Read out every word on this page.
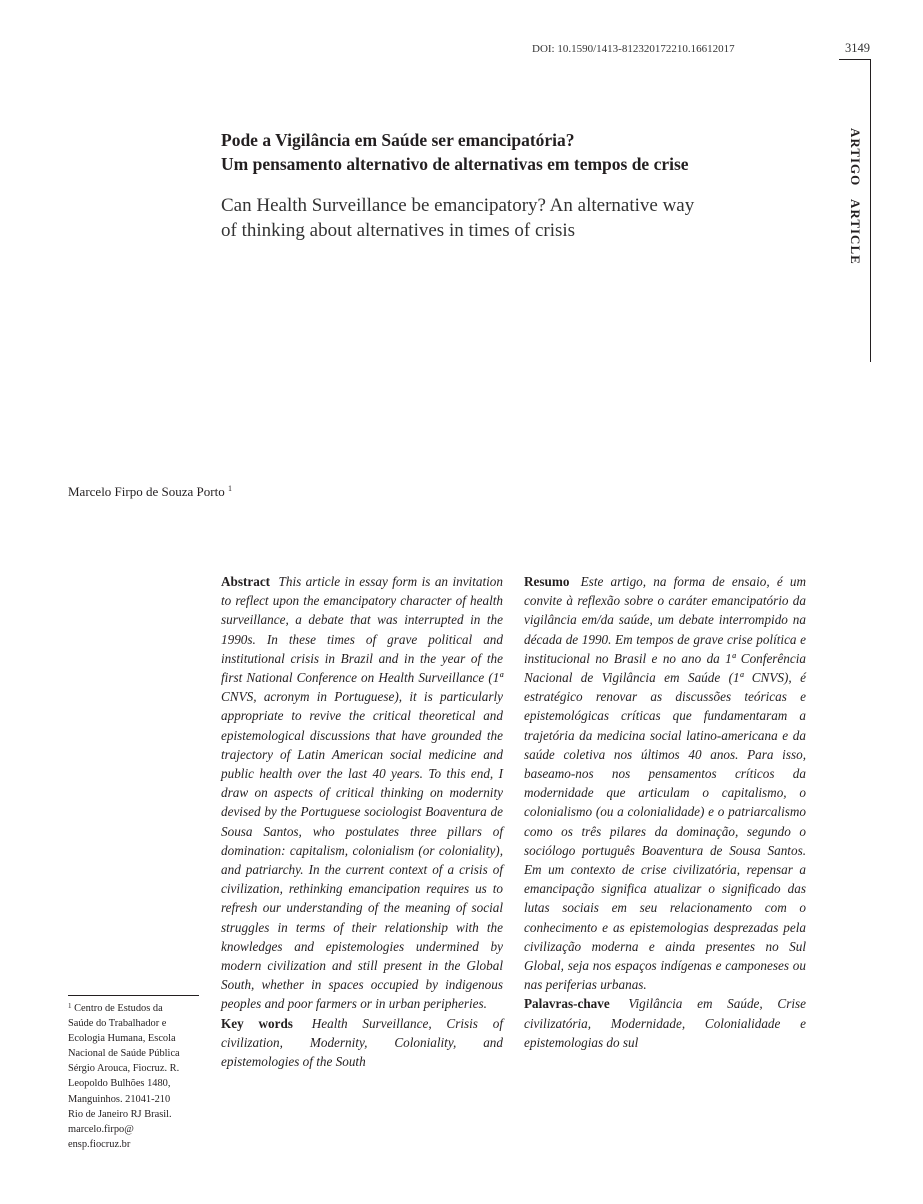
DOI: 10.1590/1413-812320172210.16612017	3149
ARTIGO ARTICLE
Pode a Vigilância em Saúde ser emancipatória?
Um pensamento alternativo de alternativas em tempos de crise
Can Health Surveillance be emancipatory? An alternative way
of thinking about alternatives in times of crisis
Marcelo Firpo de Souza Porto $^1$

Abstract This article in essay form is an invitation to reflect upon the emancipatory character of health surveillance, a debate that was interrupted in the 1990s. In these times of grave political and institutional crisis in Brazil and in the year of the first National Conference on Health Surveillance (1ª CNVS, acronym in Portuguese), it is particularly appropriate to revive the critical theoretical and epistemological discussions that have grounded the trajectory of Latin American social medicine and public health over the last 40 years. To this end, I draw on aspects of critical thinking on modernity devised by the Portuguese sociologist Boaventura de Sousa Santos, who postulates three pillars of domination: capitalism, colonialism (or coloniality), and patriarchy. In the current context of a crisis of civilization, rethinking emancipation requires us to refresh our understanding of the meaning of social struggles in terms of their relationship with the knowledges and epistemologies undermined by modern civilization and still present in the Global South, whether in spaces occupied by indigenous peoples and poor farmers or in urban peripheries.

Key words Health Surveillance, Crisis of civilization, Modernity, Coloniality, and epistemologies of the South

Resumo Este artigo, na forma de ensaio, é um convite à reflexão sobre o caráter emancipatório da vigilância em/da saúde, um debate interrompido na década de 1990. Em tempos de grave crise política e institucional no Brasil e no ano da 1ª Conferência Nacional de Vigilância em Saúde (1ª CNVS), é estratégico renovar as discussões teóricas e epistemológicas críticas que fundamentaram a trajetória da medicina social latino-americana e da saúde coletiva nos últimos 40 anos. Para isso, baseamo-nos nos pensamentos críticos da modernidade que articulam o capitalismo, o colonialismo (ou a colonialidade) e o patriarcalismo como os três pilares da dominação, segundo o sociólogo português Boaventura de Sousa Santos. Em um contexto de crise civilizatória, repensar a emancipação significa atualizar o significado das lutas sociais em seu relacionamento com o conhecimento e as epistemologias desprezadas pela civilização moderna e ainda presentes no Sul Global, seja nos espaços indígenas e camponeses ou nas periferias urbanas.

Palavras-chave Vigilância em Saúde, Crise civilizatória, Modernidade, Colonialidade e epistemologias do sul

$^1$ Centro de Estudos da
Saúde do Trabalhador e
Ecologia Humana, Escola
Nacional de Saúde Pública
Sérgio Arouca, Fiocruz. R.
Leopoldo Bulhões 1480,
Manguinhos. 21041-210
Rio de Janeiro RJ Brasil.
marcelo.firpo@
ensp.fiocruz.br
